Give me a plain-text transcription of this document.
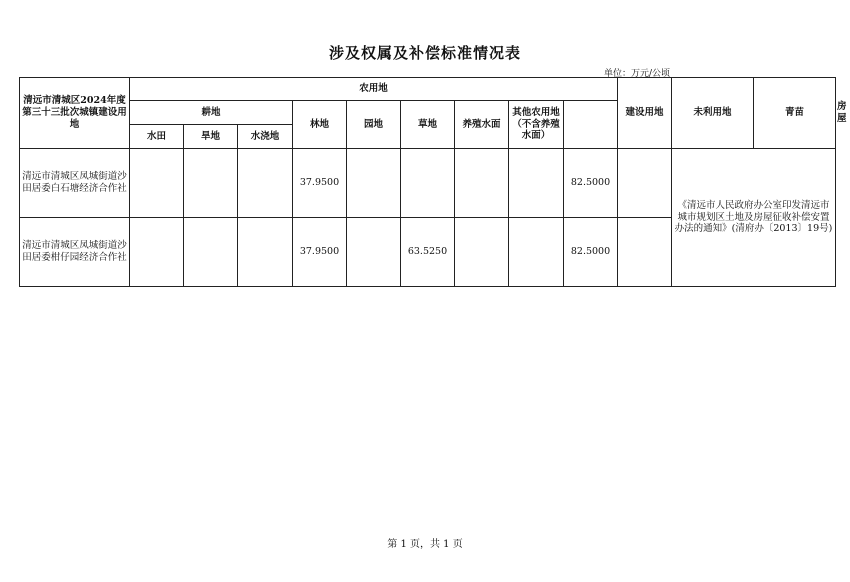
涉及权属及补偿标准情况表
单位：万元/公顷
清远市清城区2024年度第三十三批次城镇建设用地	农用地									建设用地	未利用地	青苗	房屋
	耕地			林地	园地	草地	养殖水面	其他农用地（不含养殖水面）					
	水田	旱地	水浇地										
清远市清城区凤城街道沙田居委白石塘经济合作社				37.9500					82.5000		《清远市人民政府办公室印发清远市城市规划区土地及房屋征收补偿安置办法的通知》(清府办〔2013〕19号)		
清远市清城区凤城街道沙田居委柑仔园经济合作社				37.9500		63.5250			82.5000				
第 1 页，共 1 页
